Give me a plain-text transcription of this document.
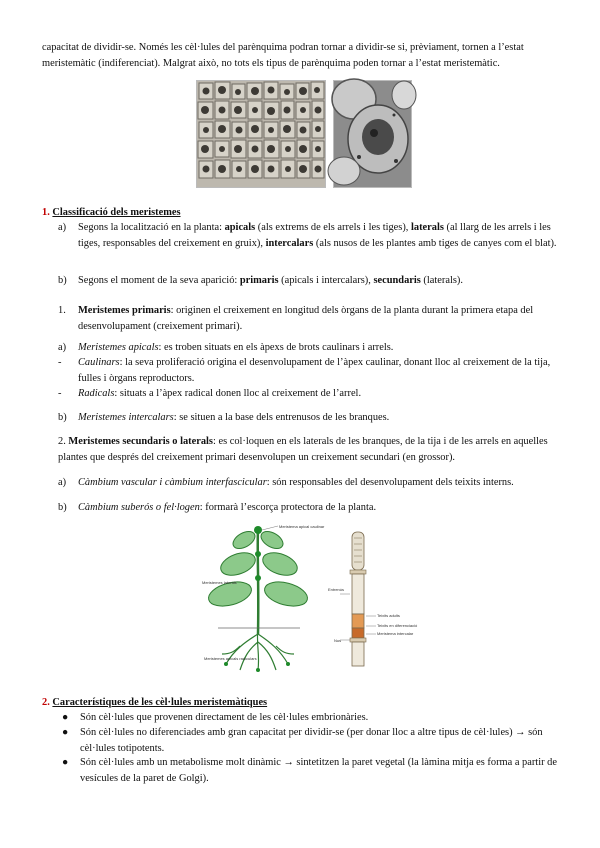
capacitat de dividir-se. Només les cèl·lules del parènquima podran tornar a dividir-se si, prèviament, tornen a l’estat meristemàtic (indiferenciat). Malgrat això, no tots els tipus de parènquima poden tornar a l’estat meristemàtic.

1. Classificació dels meristemes
a) Segons la localització en la planta: apicals (als extrems de els arrels i les tiges), laterals (al llarg de les arrels i les tiges, responsables del creixement en gruix), intercalars (als nusos de les plantes amb tiges de canyes com el blat).

b) Segons el moment de la seva aparició: primaris (apicals i intercalars), secundaris (laterals).

1. Meristemes primaris: originen el creixement en longitud dels òrgans de la planta durant la primera etapa del desenvolupament (creixement primari).

a) Meristemes apicals: es troben situats en els àpexs de brots caulinars i arrels.

- Caulinars: la seva proliferació origina el desenvolupament de l’àpex caulinar, donant lloc al creixement de la tija, fulles i òrgans reproductors.

- Radicals: situats a l’àpex radical donen lloc al creixement de l’arrel.

b) Meristemes intercalars: se situen a la base dels entrenusos de les branques.

2. Meristemes secundaris o laterals: es col·loquen en els laterals de les branques, de la tija i de les arrels en aquelles plantes que després del creixement primari desenvolupen un creixement secundari (en grossor).

a) Càmbium vascular i càmbium interfascicular: són responsables del desenvolupament dels teixits interns.

b) Càmbium suberós o fel·logen: formarà l’escorça protectora de la planta.

Meristema apical caulinar
Meristemes laterals
Meristemes apicals radiculars
Entrenús
Teixits adults
Teixits en diferenciació
Meristema intercalar
Nus
2. Característiques de les cèl·lules meristemàtiques
● Són cèl·lules que provenen directament de les cèl·lules embrionàries.

● Són cèl·lules no diferenciades amb gran capacitat per dividir-se (per donar lloc a altre tipus de cèl·lules) → són cèl·lules totipotents.

● Són cèl·lules amb un metabolisme molt dinàmic → sintetitzen la paret vegetal (la làmina mitja es forma a partir de vesícules de la paret de Golgi).
